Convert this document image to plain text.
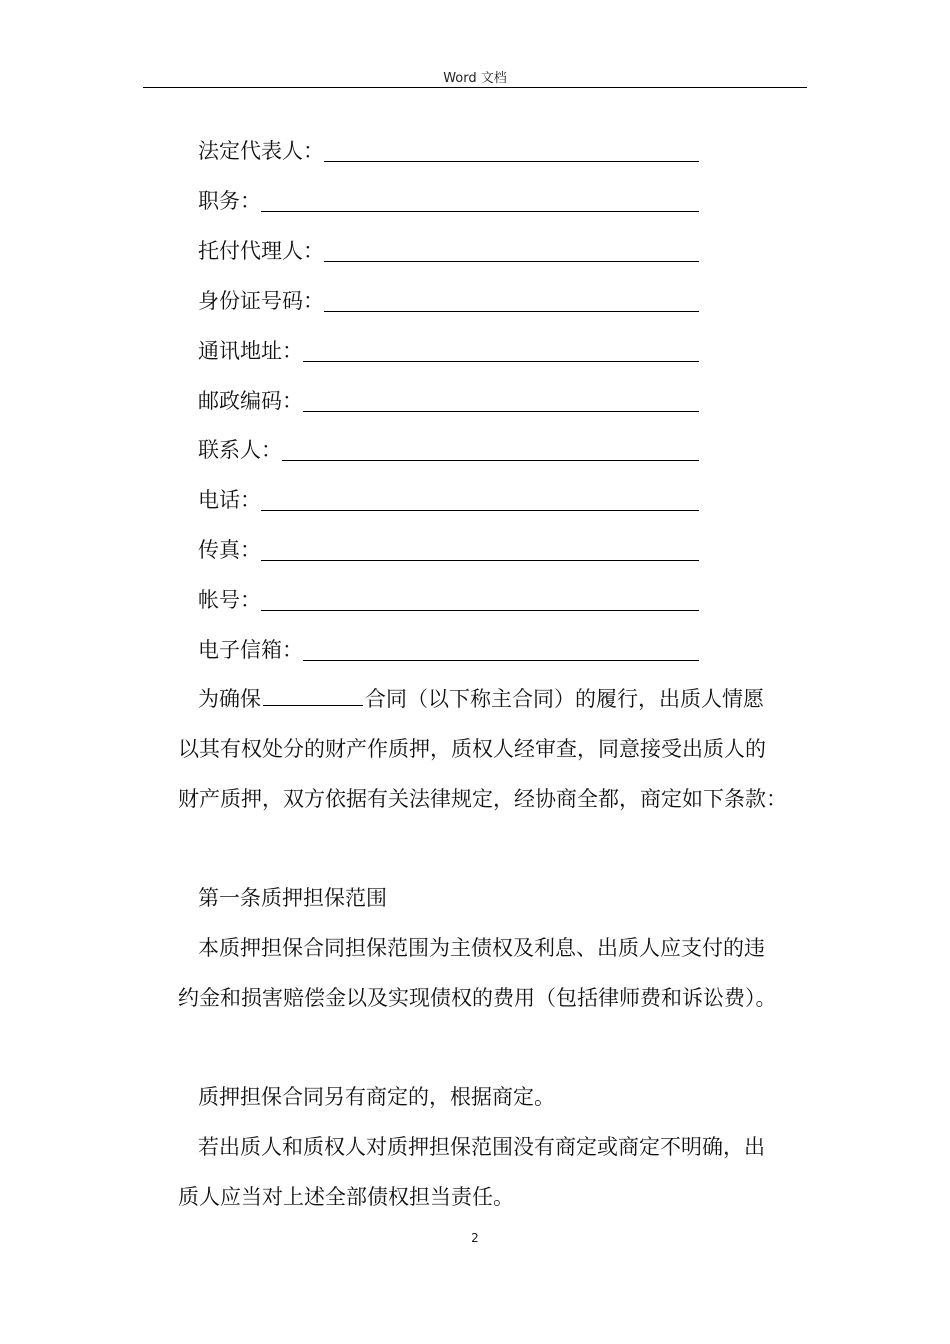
Word 文档
法定代表人：
职务：
托付代理人：
身份证号码：
通讯地址：
邮政编码：
联系人：
电话：
传真：
帐号：
电子信箱：
为确保	合同（以下称主合同）的履行，出质人情愿
以其有权处分的财产作质押，质权人经审查，同意接受出质人的
财产质押，双方依据有关法律规定，经协商全都，商定如下条款：
第一条质押担保范围
本质押担保合同担保范围为主债权及利息、出质人应支付的违
约金和损害赔偿金以及实现债权的费用（包括律师费和诉讼费）。
质押担保合同另有商定的，根据商定。
若出质人和质权人对质押担保范围没有商定或商定不明确，出
质人应当对上述全部债权担当责任。
2
